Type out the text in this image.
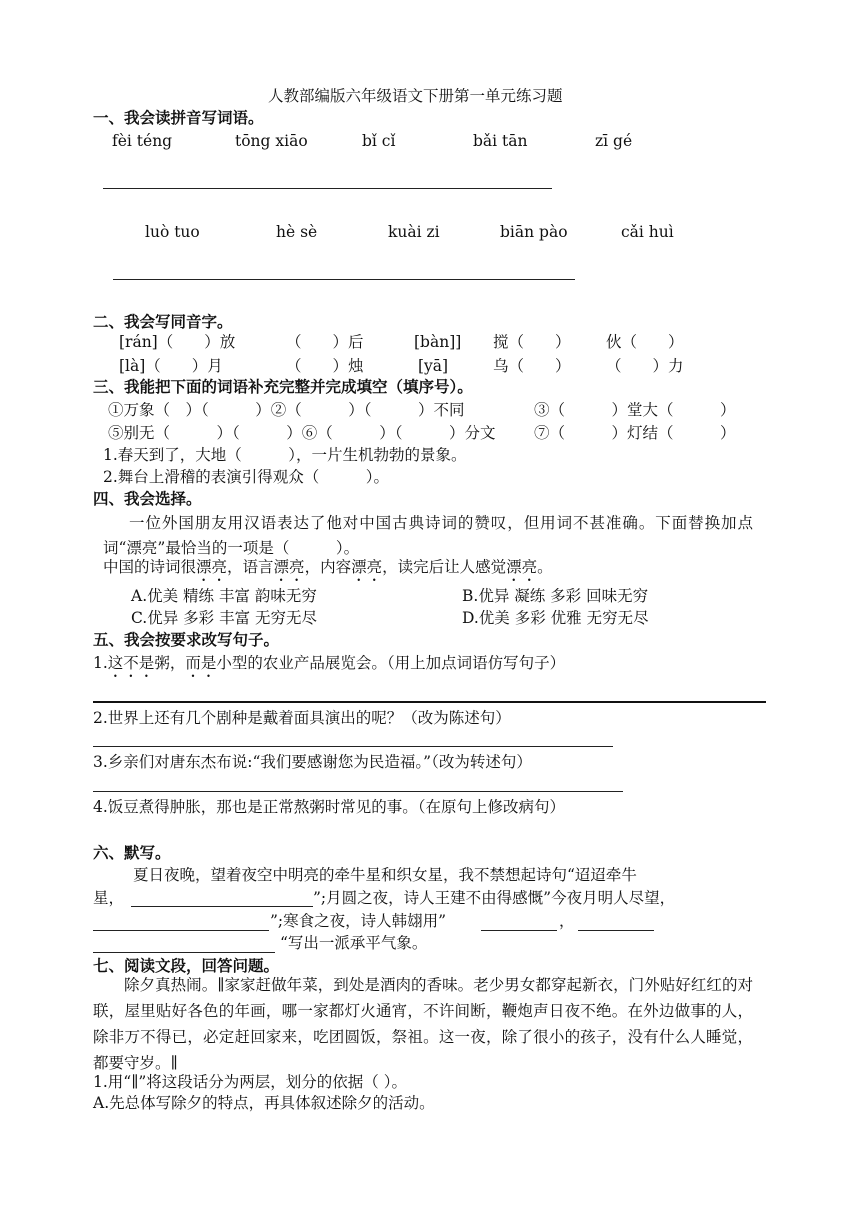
人教部编版六年级语文下册第一单元练习题
一、我会读拼音写词语。
fèi téng	tōng xiāo	bǐ cǐ	bǎi tān	zī gé
luò tuo	hè sè	kuài zi	biān pào	cǎi huì
二、我会写同音字。
[rán]（　　）放	（　　）后	[bàn]] 搅（　　） 伙（　　）
[là]（　　）月	（　　）烛	[yā]	乌（　　） （　　）力
三、我能把下面的词语补充完整并完成填空（填序号）。
①万象（　）（　　　）②（　　　）（　　　）不同	③（　　　）堂大（　　　）
⑤别无（　　　）（　　　）⑥（　　　）（　　　）分文 ⑦（　　　）灯结（　　　）
1.春天到了，大地（　　　），一片生机勃勃的景象。
2.舞台上滑稽的表演引得观众（　　　）。
四、我会选择。
一位外国朋友用汉语表达了他对中国古典诗词的赞叹，但用词不甚准确。下面替换加点词“漂亮”最恰当的一项是（　　　）。
中国的诗词很漂亮，语言漂亮，内容漂亮，读完后让人感觉漂亮。
A.优美 精练 丰富 韵味无穷	B.优异 凝练 多彩 回味无穷
C.优异 多彩 丰富 无穷无尽	D.优美 多彩 优雅 无穷无尽
五、我会按要求改写句子。
1.这不是粥，而是小型的农业产品展览会。（用上加点词语仿写句子）
2.世界上还有几个剧种是戴着面具演出的呢？（改为陈述句）
3.乡亲们对唐东杰布说:“我们要感谢您为民造福。”（改为转述句）
4.饭豆煮得肿胀，那也是正常熬粥时常见的事。（在原句上修改病句）
六、默写。
夏日夜晚，望着夜空中明亮的牵牛星和织女星，我不禁想起诗句“迢迢牵牛
星，	”;月圆之夜，诗人王建不由得感慨”今夜月明人尽望，
”;寒食之夜，诗人韩翃用”	，
“写出一派承平气象。
七、阅读文段，回答问题。
除夕真热闹。∥家家赶做年菜，到处是酒肉的香味。老少男女都穿起新衣，门外贴好红红的对联，屋里贴好各色的年画，哪一家都灯火通宵，不许间断，鞭炮声日夜不绝。在外边做事的人，除非万不得已，必定赶回家来，吃团圆饭，祭祖。这一夜，除了很小的孩子，没有什么人睡觉，都要守岁。∥
1.用“∥”将这段话分为两层，划分的依据（ ）。
A.先总体写除夕的特点，再具体叙述除夕的活动。
